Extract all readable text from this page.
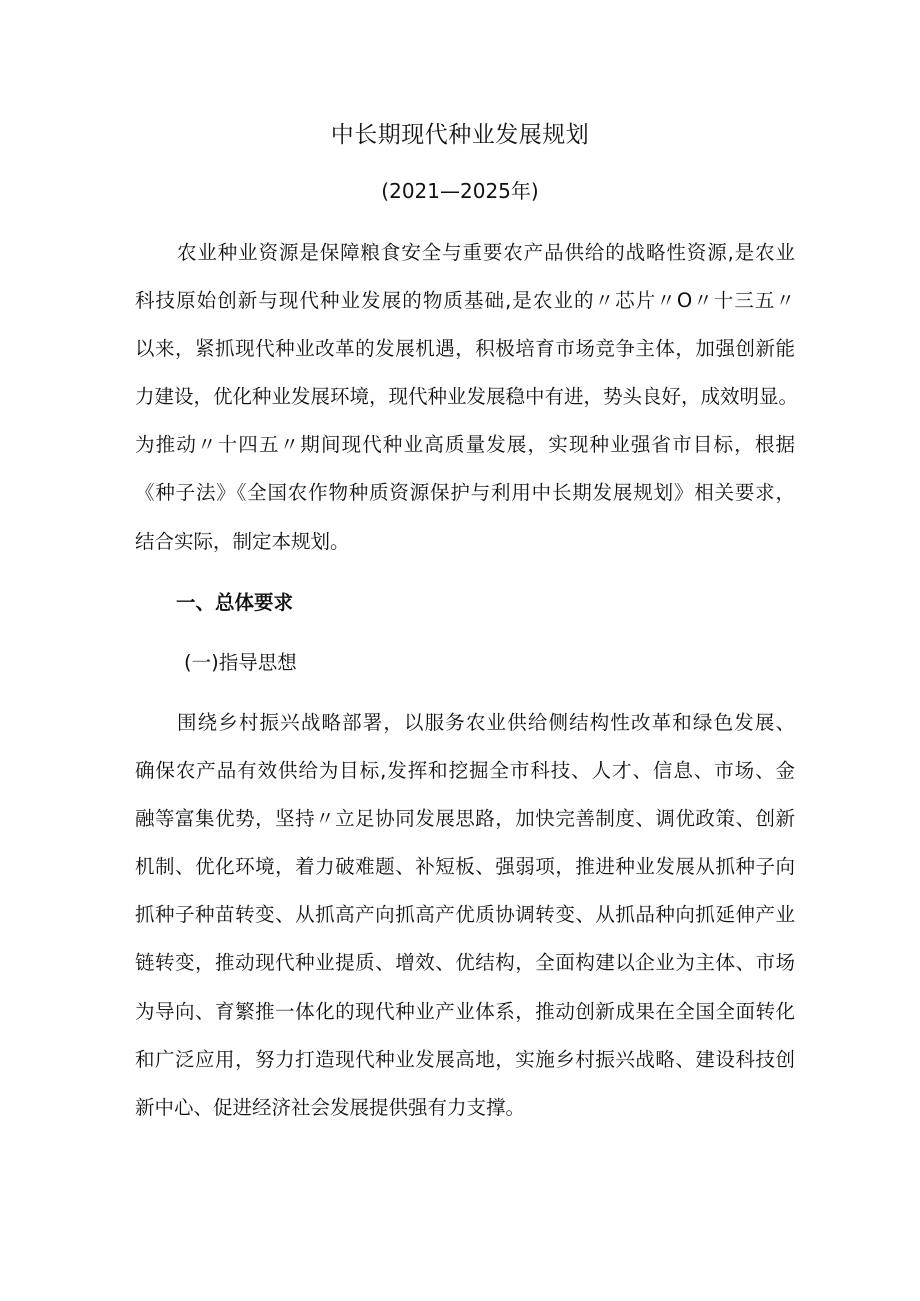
中长期现代种业发展规划
(2021—2025年)
农业种业资源是保障粮食安全与重要农产品供给的战略性资源,是农业
科技原始创新与现代种业发展的物质基础,是农业的〃芯片〃O〃十三五〃
以来，紧抓现代种业改革的发展机遇，积极培育市场竞争主体，加强创新能
力建设，优化种业发展环境，现代种业发展稳中有进，势头良好，成效明显。
为推动〃十四五〃期间现代种业高质量发展，实现种业强省市目标，根据
《种子法》《全国农作物种质资源保护与利用中长期发展规划》相关要求，
结合实际，制定本规划。
一、总体要求
(一)指导思想
围绕乡村振兴战略部署，以服务农业供给侧结构性改革和绿色发展、
确保农产品有效供给为目标,发挥和挖掘全市科技、人才、信息、市场、金
融等富集优势，坚持〃立足协同发展思路，加快完善制度、调优政策、创新
机制、优化环境，着力破难题、补短板、强弱项，推进种业发展从抓种子向
抓种子种苗转变、从抓高产向抓高产优质协调转变、从抓品种向抓延伸产业
链转变，推动现代种业提质、增效、优结构，全面构建以企业为主体、市场
为导向、育繁推一体化的现代种业产业体系，推动创新成果在全国全面转化
和广泛应用，努力打造现代种业发展高地，实施乡村振兴战略、建设科技创
新中心、促进经济社会发展提供强有力支撑。
